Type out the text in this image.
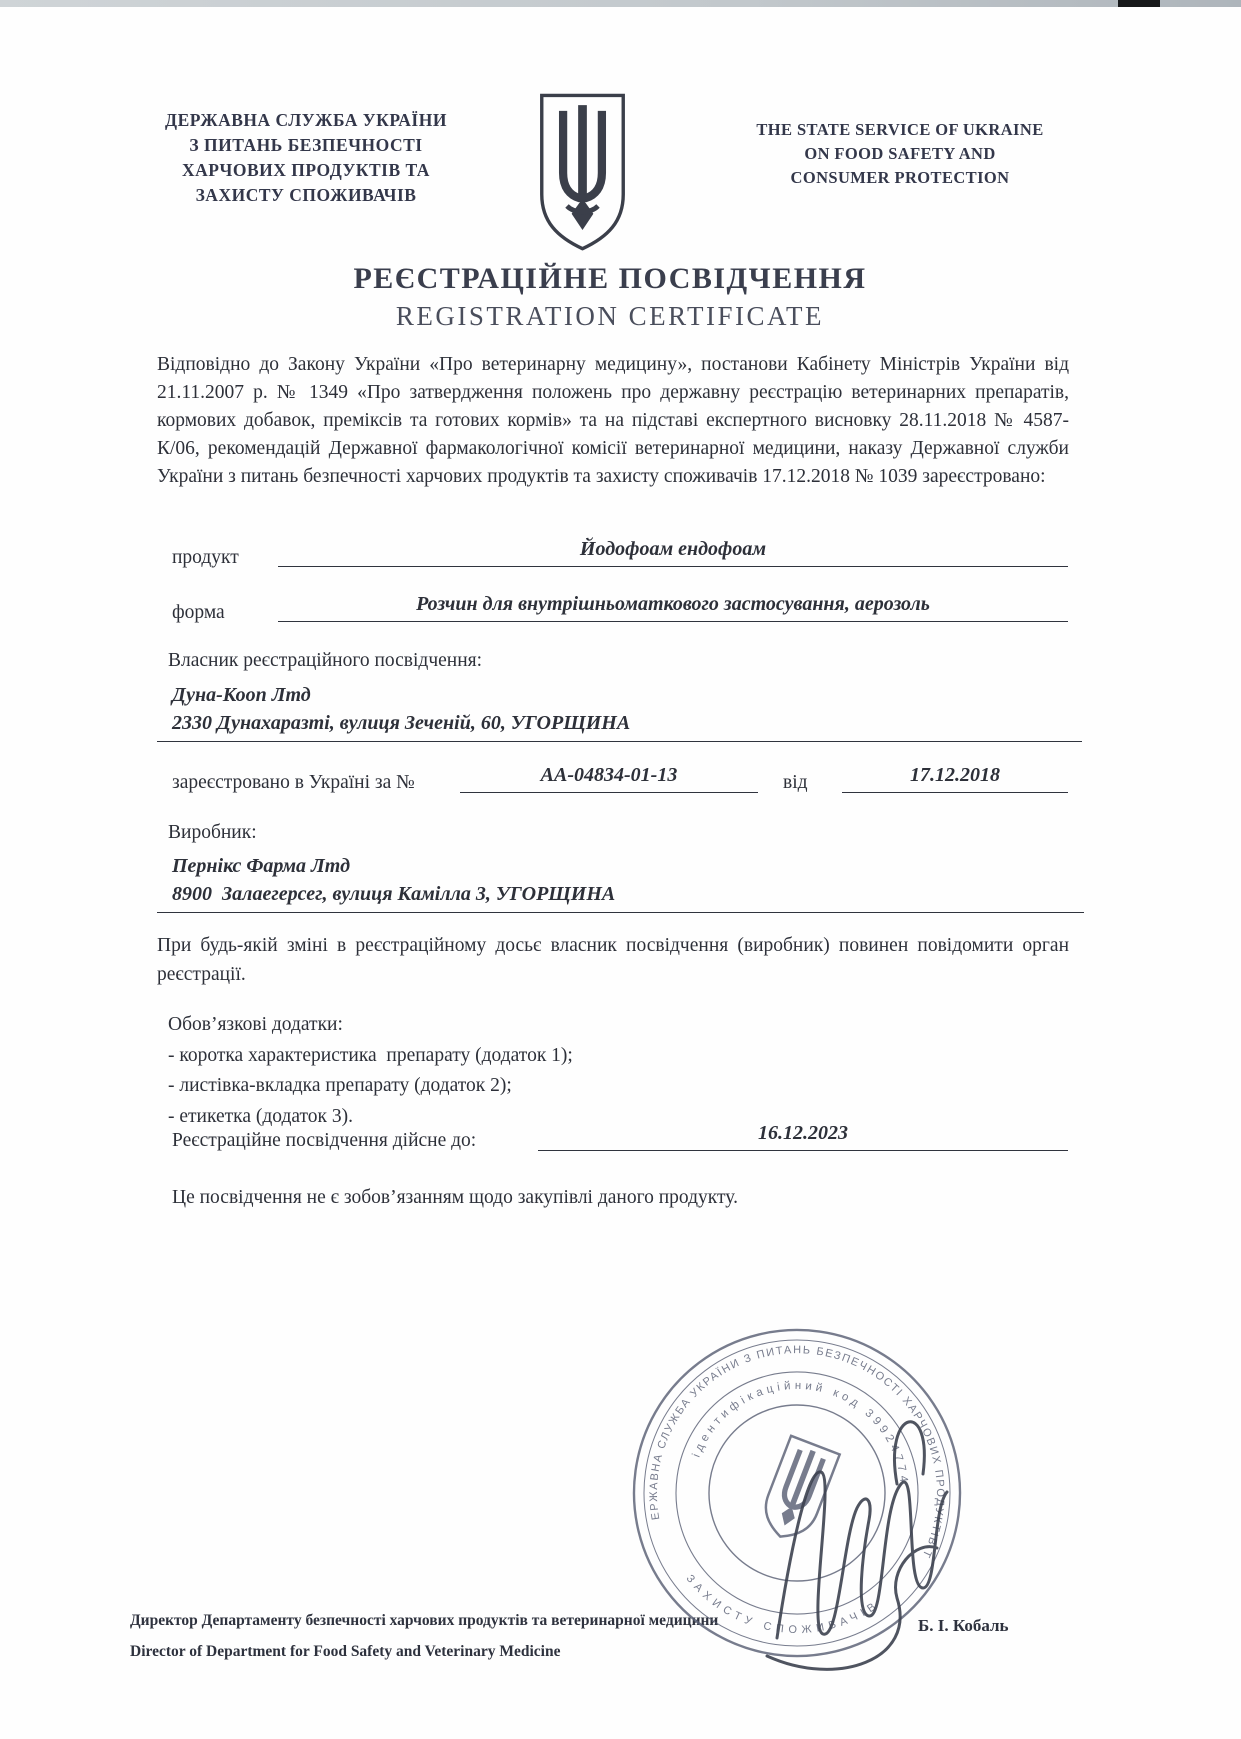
ДЕРЖАВНА СЛУЖБА УКРАЇНИ
З ПИТАНЬ БЕЗПЕЧНОСТІ
ХАРЧОВИХ ПРОДУКТІВ ТА
ЗАХИСТУ СПОЖИВАЧІВ
THE STATE SERVICE OF UKRAINE
ON FOOD SAFETY AND
CONSUMER PROTECTION
РЕЄСТРАЦІЙНЕ ПОСВІДЧЕННЯ
REGISTRATION CERTIFICATE
Відповідно до Закону України «Про ветеринарну медицину», постанови Кабінету Міністрів України від 21.11.2007 р. № 1349 «Про затвердження положень про державну реєстрацію ветеринарних препаратів, кормових добавок, преміксів та готових кормів» та на підставі експертного висновку 28.11.2018 № 4587-К/06, рекомендацій Державної фармакологічної комісії ветеринарної медицини, наказу Державної служби України з питань безпечності харчових продуктів та захисту споживачів 17.12.2018 № 1039 зареєстровано:
продукт	Йодофоам ендофоам
форма	Розчин для внутрішньоматкового застосування, аерозоль
Власник реєстраційного посвідчення:
Дуна-Кооп Лтд
2330 Дунахаразті, вулиця Зеченій, 60, УГОРЩИНА
зареєстровано в Україні за №	АА-04834-01-13	від	17.12.2018
Виробник:
Пернікс Фарма Лтд
8900  Залаегерсег, вулиця Камілла 3, УГОРЩИНА
При будь-якій зміні в реєстраційному досьє власник посвідчення (виробник) повинен повідомити орган реєстрації.
Обов’язкові додатки:
- коротка характеристика  препарату (додаток 1);
- листівка-вкладка препарату (додаток 2);
- етикетка (додаток 3).
Реєстраційне посвідчення дійсне до:	16.12.2023
Це посвідчення не є зобов’язанням щодо закупівлі даного продукту.
Директор Департаменту безпечності харчових продуктів та ветеринарної медицини
Director of Department for Food Safety and Veterinary Medicine
Б. І. Кобаль
ДЕРЖАВНА СЛУЖБА УКРАЇНИ З ПИТАНЬ БЕЗПЕЧНОСТІ ХАРЧОВИХ ПРОДУКТІВ ТА
ідентифікаційний код 39924774
ЗАХИСТУ СПОЖИВАЧІВ
